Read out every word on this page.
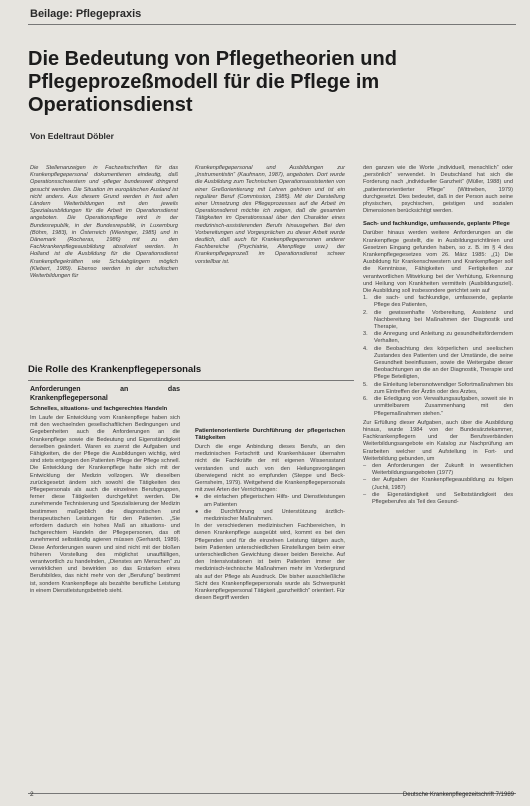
Beilage: Pflegepraxis
Die Bedeutung von Pflegetheorien und Pflegeprozeßmodell für die Pflege im Operationsdienst
Von Edeltraut Döbler
Die Stellenanzeigen in Fachzeitschriften für das Krankenpflegepersonal dokumentieren eindeutig, daß Operationsschwestern und -pfleger bundesweit dringend gesucht werden. Die Situation im europäischen Ausland ist nicht anders. Aus diesem Grund werden in fast allen Ländern Weiterbildungen mit den jeweils Spezialausbildungen für die Arbeit im Operationsdienst angeboten. Die Operationspflege wird in der Bundesrepublik, in der Bundesrepublik, in Luxemburg (Böhm, 1983), in Österreich (Wieninger, 1985) und in Dänemark (Rocheras, 1986) mit zu den Fachkrankenpflegeausbildung absolviert werden. In Holland ist die Ausbildung für die Operationsdienst Krankenpflegekräften wie Schulabgängern möglich (Klebert, 1989). Ebenso werden in der schulischen Weiterbildungen für
Krankenpflegepersonal und Ausbildungen zur „Instrumentistin“ (Kaufmann, 1987), angeboten. Dort wurde die Ausbildung zum Technischen Operationsassistenten von einer Greßorientierung mit Lehren gehören und ist ein regulärer Beruf (Commission, 1985). Mit der Darstellung einer Umsetzung des Pflegeprozesses auf die Arbeit im Operationsdienst möchte ich zeigen, daß die gesamten Tätigkeiten im Operationssaal über den Charakter eines medizinisch-assistierenden Berufs hinausgehen. Bei den Vorbereitungen und Vorgesprächen zu dieser Arbeit wurde deutlich, daß auch für Krankenpflegepersonen anderer Fachbereiche (Psychiatrie, Altenpflege usw.) der Krankenpflegeprozeß im Operationsdienst schwer vorstellbar ist.

den ganzen wie die Worte „individuell, menschlich“ oder „persönlich“ verwendet. In Deutschland hat sich die Forderung nach „individueller Ganzheit“ (Müller, 1988) und „patientenorientierter Pflege“ (Wittneben, 1979) durchgesetzt. Dies bedeutet, daß in der Person auch seine physischen, psychischen, geistigen und sozialen Dimensionen berücksichtigt werden.

Sach- und fachkundige, umfassende, geplante Pflege

Darüber hinaus werden weitere Anforderungen an die Krankenpflege gestellt, die in Ausbildungsrichtlinien und Gesetzen Eingang gefunden haben, so z. B. im § 4 des Krankenpflegegesetzes vom 26. März 1985: „(1) Die Ausbildung für Krankenschwestern und Krankenpfleger soll die Kenntnisse, Fähigkeiten und Fertigkeiten zur verantwortlichen Mitwirkung bei der Verhütung, Erkennung und Heilung von Krankheiten vermitteln (Ausbildungsziel). Die Ausbildung soll insbesondere gerichtet sein auf

1.	die sach- und fachkundige, umfassende, geplante Pflege des Patienten,
2.	die gewissenhafte Vorbereitung, Assistenz und Nachbereitung bei Maßnahmen der Diagnostik und Therapie,
3.	die Anregung und Anleitung zu gesundheitsförderndem Verhalten,
4.	die Beobachtung des körperlichen und seelischen Zustandes des Patienten und der Umstände, die seine Gesundheit beeinflussen, sowie die Weitergabe dieser Beobachtungen an die an der Diagnostik, Therapie und Pflege Beteiligten,
5.	die Einleitung lebensnotwendiger Sofortmaßnahmen bis zum Eintreffen der Ärztin oder des Arztes,
6.	die Erledigung von Verwaltungsaufgaben, soweit sie in unmittelbarem Zusammenhang mit den Pflegemaßnahmen stehen.“

Zur Erfüllung dieser Aufgaben, auch über die Ausbildung hinaus, wurde 1984 von der Bundesärztekammer, Fachkrankenpflegern und der Berufsverbänden Weiterbildungsangebote ein Katalog zur Nachprüfung am Erarbeiten welcher und Aufstellung in Fort- und Weiterbildung gebunden, um

–	den Anforderungen der Zukunft in wesentlichen Weiterbildungsangeboten (1977)
–	der Aufgaben der Krankenpflegeausbildung zu folgen (Juchli, 1987)
–	die Eigenständigkeit und Selbstständigkeit des Pflegeberufes als Teil des Gesund-
Die Rolle des Krankenpflegepersonals
Anforderungen an das Krankenpflegepersonal
Schnelles, situations- und fachgerechtes Handeln

Im Laufe der Entwicklung vom Krankenpflege haben sich mit den wechselnden gesellschaftlichen Bedingungen und Gegebenheiten auch die Anforderungen an die Krankenpflege sowie die Bedeutung und Eigenständigkeit derselben geändert. Waren es zuerst die Aufgaben und Fähigkeiten, die der Pflege die Ausbildungen wichtig, wird sind stets entgegen den Patienten Pflege der Pflege schnell. Die Entwicklung der Krankenpflege hatte sich mit der Entwicklung der Medizin vollzogen. Wir dieselben zurückgesetzt ändern sich sowohl die Tätigkeiten des Pflegepersonals als auch die einzelnen Berufsgruppen, ferner diese Tätigkeiten durchgeführt werden. Die zunehmende Technisierung und Spezialisierung der Medizin bestimmen maßgeblich die diagnostischen und therapeutischen Leistungen für den Patienten. „Sie erfordern dadurch ein hohes Maß an situations- und fachgerechtem Handeln der Pflegepersonen, das oft zunehmend selbständig agieren müssen (Gerhardt, 1989). Diese Anforderungen waren und sind nicht mit der bloßen früheren Vorstellung des möglichst unauffälligen, verantwortlich zu handelnden, „Dienstes am Menschen“ zu verwirklichen und bewirkten so das Erstarken eines Berufsbildes, das nicht mehr von der „Berufung“ bestimmt ist, sondern Krankenpflege als bezahlte berufliche Leistung in einem Dienstleistungsbetrieb sieht.

Patientenorientierte Durchführung der pflegerischen Tätigkeiten

Durch die enge Anbindung dieses Berufs, an den medizinischen Fortschritt und Krankenhäuser übernahm nicht die Fachkräfte der mit eigenen Wissensstand verstanden und auch von den Heilungsvorgängen überwiegend nicht so empfunden (Steppe und Beck-Gernsheim, 1979). Weitgehend die Krankenpflegepersonals mit zwei Arten der Verrichtungen:

●	die einfachen pflegerischen Hilfs- und Dienstleistungen am Patienten
●	die Durchführung und Unterstützung ärztlich-medizinischer Maßnahmen.

In der verschiedenen medizinischen Fachbereichen, in denen Krankenpflege ausgeübt wird, kommt es bei den Pflegenden und für die einzelnen Leistung tätigen auch, beim Patienten unterschiedlichen Einstellungen beim einer unterschiedlichen Gewichtung dieser beiden Bereiche. Auf den Intensivstationen ist beim Patienten immer der medizinisch-technische Maßnahmen mehr im Vordergrund als auf der Pflege als Ausdruck. Die bisher ausschließliche Sicht des Krankenpflegepersonals wurde als Schwerpunkt Krankenpflegepersonal Tätigkeit „ganzheitlich“ orientiert. Für diesen Begriff werden

2	Deutsche Krankenpflegezeitschrift 7/1989
